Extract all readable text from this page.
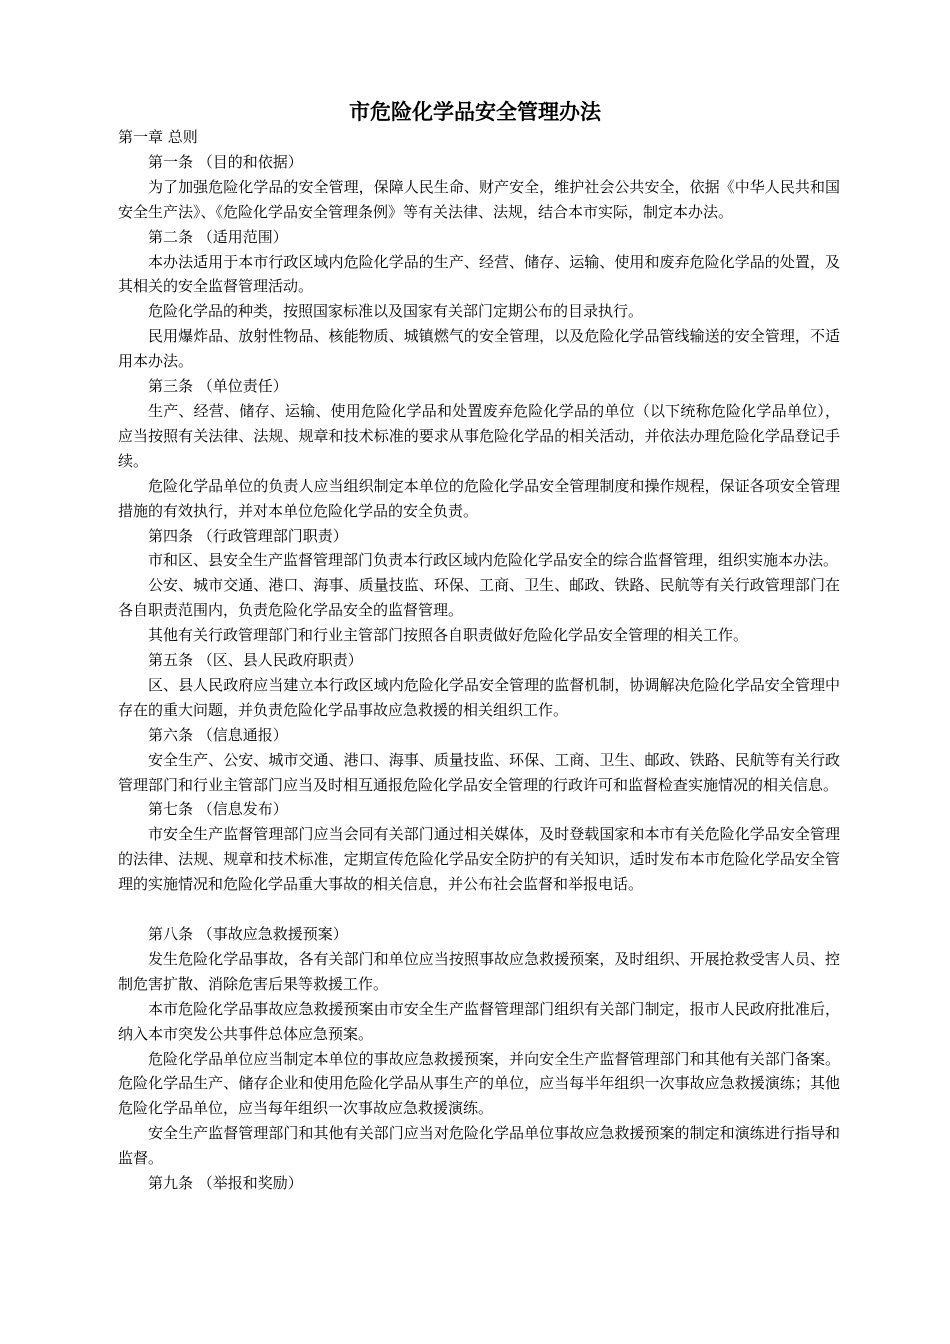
市危险化学品安全管理办法

第一章 总则

第一条 （目的和依据）

为了加强危险化学品的安全管理，保障人民生命、财产安全，维护社会公共安全，依据《中华人民共和国安全生产法》、《危险化学品安全管理条例》等有关法律、法规，结合本市实际，制定本办法。

第二条 （适用范围）

本办法适用于本市行政区域内危险化学品的生产、经营、储存、运输、使用和废弃危险化学品的处置，及其相关的安全监督管理活动。

危险化学品的种类，按照国家标准以及国家有关部门定期公布的目录执行。

民用爆炸品、放射性物品、核能物质、城镇燃气的安全管理，以及危险化学品管线输送的安全管理，不适用本办法。

第三条 （单位责任）

生产、经营、储存、运输、使用危险化学品和处置废弃危险化学品的单位（以下统称危险化学品单位），应当按照有关法律、法规、规章和技术标准的要求从事危险化学品的相关活动，并依法办理危险化学品登记手续。

危险化学品单位的负责人应当组织制定本单位的危险化学品安全管理制度和操作规程，保证各项安全管理措施的有效执行，并对本单位危险化学品的安全负责。

第四条 （行政管理部门职责）

市和区、县安全生产监督管理部门负责本行政区域内危险化学品安全的综合监督管理，组织实施本办法。

公安、城市交通、港口、海事、质量技监、环保、工商、卫生、邮政、铁路、民航等有关行政管理部门在各自职责范围内，负责危险化学品安全的监督管理。

其他有关行政管理部门和行业主管部门按照各自职责做好危险化学品安全管理的相关工作。

第五条 （区、县人民政府职责）

区、县人民政府应当建立本行政区域内危险化学品安全管理的监督机制，协调解决危险化学品安全管理中存在的重大问题，并负责危险化学品事故应急救援的相关组织工作。

第六条 （信息通报）

安全生产、公安、城市交通、港口、海事、质量技监、环保、工商、卫生、邮政、铁路、民航等有关行政管理部门和行业主管部门应当及时相互通报危险化学品安全管理的行政许可和监督检查实施情况的相关信息。

第七条 （信息发布）

市安全生产监督管理部门应当会同有关部门通过相关媒体，及时登载国家和本市有关危险化学品安全管理的法律、法规、规章和技术标准，定期宣传危险化学品安全防护的有关知识，适时发布本市危险化学品安全管理的实施情况和危险化学品重大事故的相关信息，并公布社会监督和举报电话。

第八条 （事故应急救援预案）

发生危险化学品事故，各有关部门和单位应当按照事故应急救援预案，及时组织、开展抢救受害人员、控制危害扩散、消除危害后果等救援工作。

本市危险化学品事故应急救援预案由市安全生产监督管理部门组织有关部门制定，报市人民政府批准后，纳入本市突发公共事件总体应急预案。

危险化学品单位应当制定本单位的事故应急救援预案，并向安全生产监督管理部门和其他有关部门备案。危险化学品生产、储存企业和使用危险化学品从事生产的单位，应当每半年组织一次事故应急救援演练；其他危险化学品单位，应当每年组织一次事故应急救援演练。

安全生产监督管理部门和其他有关部门应当对危险化学品单位事故应急救援预案的制定和演练进行指导和监督。

第九条 （举报和奖励）
